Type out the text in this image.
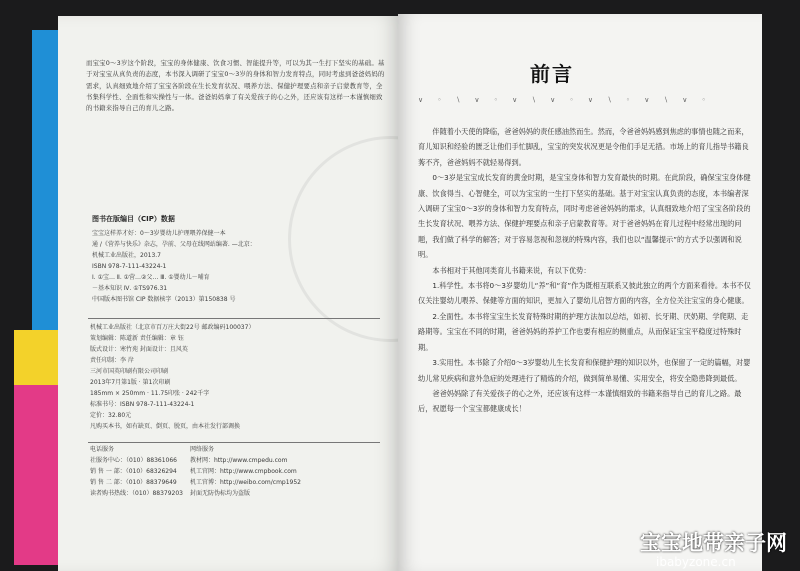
而宝宝0～3岁这个阶段，宝宝的身体健康、饮食习惯、智能提升等，可以为其一生打下坚实的基础。基于对宝宝从真负责的态度，本书深入调研了宝宝0～3岁的身体和智力发育特点，同时考虑到爸爸妈妈的需求，认真细致地介绍了宝宝各阶段在生长发育状况、喂养方法、保健护理要点和亲子启蒙教育等，全书集科学性、全面性和实操性与一体。爸爸妈妈拿了有关爱孩子的心之外，还应该有这样一本谨慎细致的书籍来指导自己的育儿之路。
图书在版编目（CIP）数据
宝宝这样养才好：0～3岁婴幼儿护理喂养保健一本
通 /《营养与快乐》杂志，孕前、父母在线网站编著. —北京：
机械工业出版社，2013.7
ISBN 978-7-111-43224-1
Ⅰ. ①宝… Ⅱ. ①营…②父… Ⅲ. ①婴幼儿－哺育
－基本知识 Ⅳ. ①TS976.31
中国版本图书馆 CIP 数据核字（2013）第150838 号
机械工业出版社（北京市百万庄大街22号 邮政编码100037）
策划编辑：陈道新 责任编辑：章 钰
版式设计：寒竹苑 封面设计：且风英
责任印制：李 岸
三河市国英印刷有限公司印刷
2013年7月第1版 · 第1次印刷
185mm × 250mm · 11.75印张 · 242千字
标准书号：ISBN 978-7-111-43224-1
定价：32.80元
凡购买本书，如有缺页、倒页、脱页，由本社发行部调换
电话服务	网络服务
社服务中心：（010）88361066	教材网：http://www.cmpedu.com
销 售 一 部：（010）68326294	机工官网：http://www.cmpbook.com
销 售 二 部：（010）88379649	机工官博：http://weibo.com/cmp1952
读者购书热线：（010）88379203	封面无防伪标均为盗版
前言
∨ ◦ ∖ ∨ ◦ ∨ ∖ ∨ ◦ ∨ ∖ ◦ ∨ ∖ ∨ ◦

伴随着小天使的降临，爸爸妈妈的责任感油然而生。然而，令爸爸妈妈感到焦虑的事情也随之而来，育儿知识和经验的匮乏让他们手忙脚乱，宝宝的突发状况更是令他们手足无措。市场上的育儿指导书籍良莠不齐，爸爸妈妈不就轻易得到。

0～3岁是宝宝成长发育的黄金时期，是宝宝身体和智力发育最快的时期。在此阶段，确保宝宝身体健康、饮食得当、心智健全，可以为宝宝的一生打下坚实的基础。基于对宝宝认真负责的态度，本书编者深入调研了宝宝0～3岁的身体和智力发育特点，同时考虑爸爸妈妈的需求，认真细致地介绍了宝宝各阶段的生长发育状况、喂养方法、保健护理要点和亲子启蒙教育等。对于爸爸妈妈在育儿过程中经常出现的问题，我们做了科学的解答；对于容易忽视和忽视的特殊内容，我们也以“温馨提示”的方式予以强调和说明。

本书相对于其他同类育儿书籍来说，有以下优势：

1.科学性。本书将0～3岁婴幼儿“养”和“育”作为既相互联系又彼此独立的两个方面来看待。本书不仅仅关注婴幼儿喂养、保健等方面的知识，更加入了婴幼儿启智方面的内容，全方位关注宝宝的身心健康。

2.全面性。本书将宝宝生长发育特殊时期的护理方法加以总结，如初、长牙期、厌奶期、学爬期、走路期等。宝宝在不同的时期，爸爸妈妈的养护工作也要有相应的侧重点，从而保证宝宝平稳度过特殊时期。

3.实用性。本书除了介绍0～3岁婴幼儿生长发育和保健护理的知识以外，也保留了一定的篇幅，对婴幼儿常见疾病和意外急症的处理进行了精炼的介绍，做到简单易懂、实用安全，将安全隐患降到最低。

爸爸妈妈除了有关爱孩子的心之外，还应该有这样一本谨慎细致的书籍来指导自己的育儿之路。最后，祝愿每一个宝宝都健康成长！

宝宝地带亲子网
ibabyzone.cn
